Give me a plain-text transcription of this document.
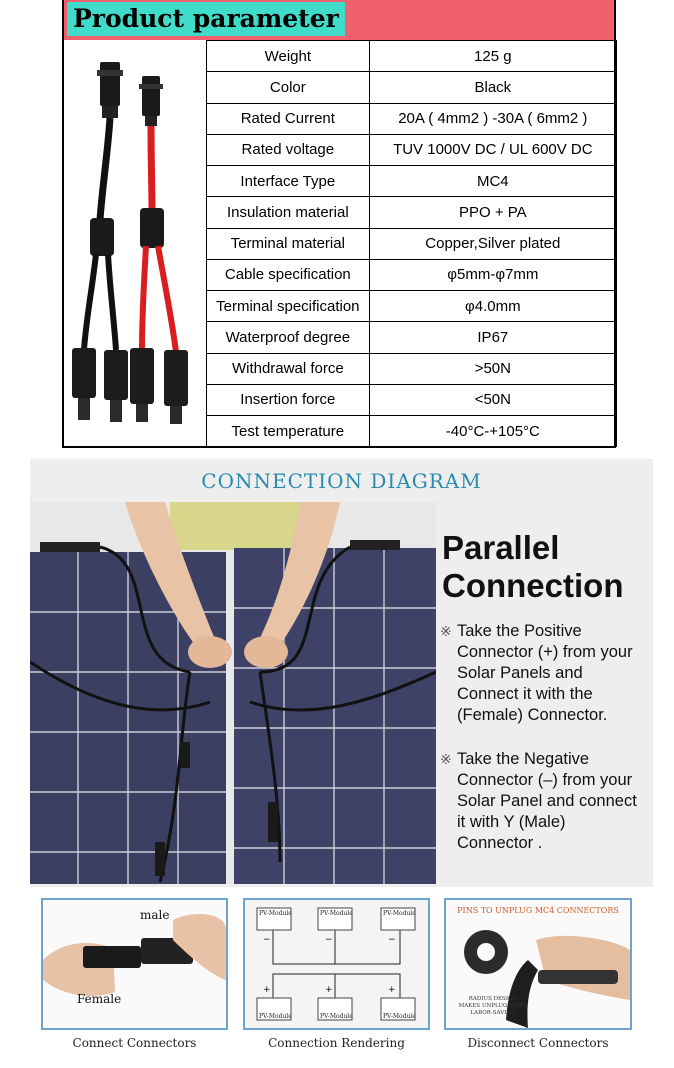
Product parameter
Weight	125 g
Color	Black
Rated Current	20A ( 4mm2 ) -30A ( 6mm2 )
Rated voltage	TUV 1000V DC / UL 600V DC
Interface Type	MC4
Insulation material	PPO + PA
Terminal material	Copper,Silver plated
Cable specification	φ5mm-φ7mm
Terminal specification	φ4.0mm
Waterproof degree	IP67
Withdrawal force	>50N
Insertion force	<50N
Test temperature	-40°C-+105°C
CONNECTION DIAGRAM
Parallel
Connection
※ Take the Positive Connector (+) from your Solar Panels and Connect it with the (Female) Connector.
※ Take the Negative Connector (–) from your Solar Panel and connect it with Y (Male) Connector .
male
Female
PV-Module	PV-Module	PV-Module
PV-Module	PV-Module	PV-Module
−	−	−
+	+	+
PINS TO UNPLUG MC4 CONNECTORS
RADIUS DESIGN MAKES UNPLUG MORE LABOR-SAVING
Connect Connectors	Connection Rendering	Disconnect Connectors
